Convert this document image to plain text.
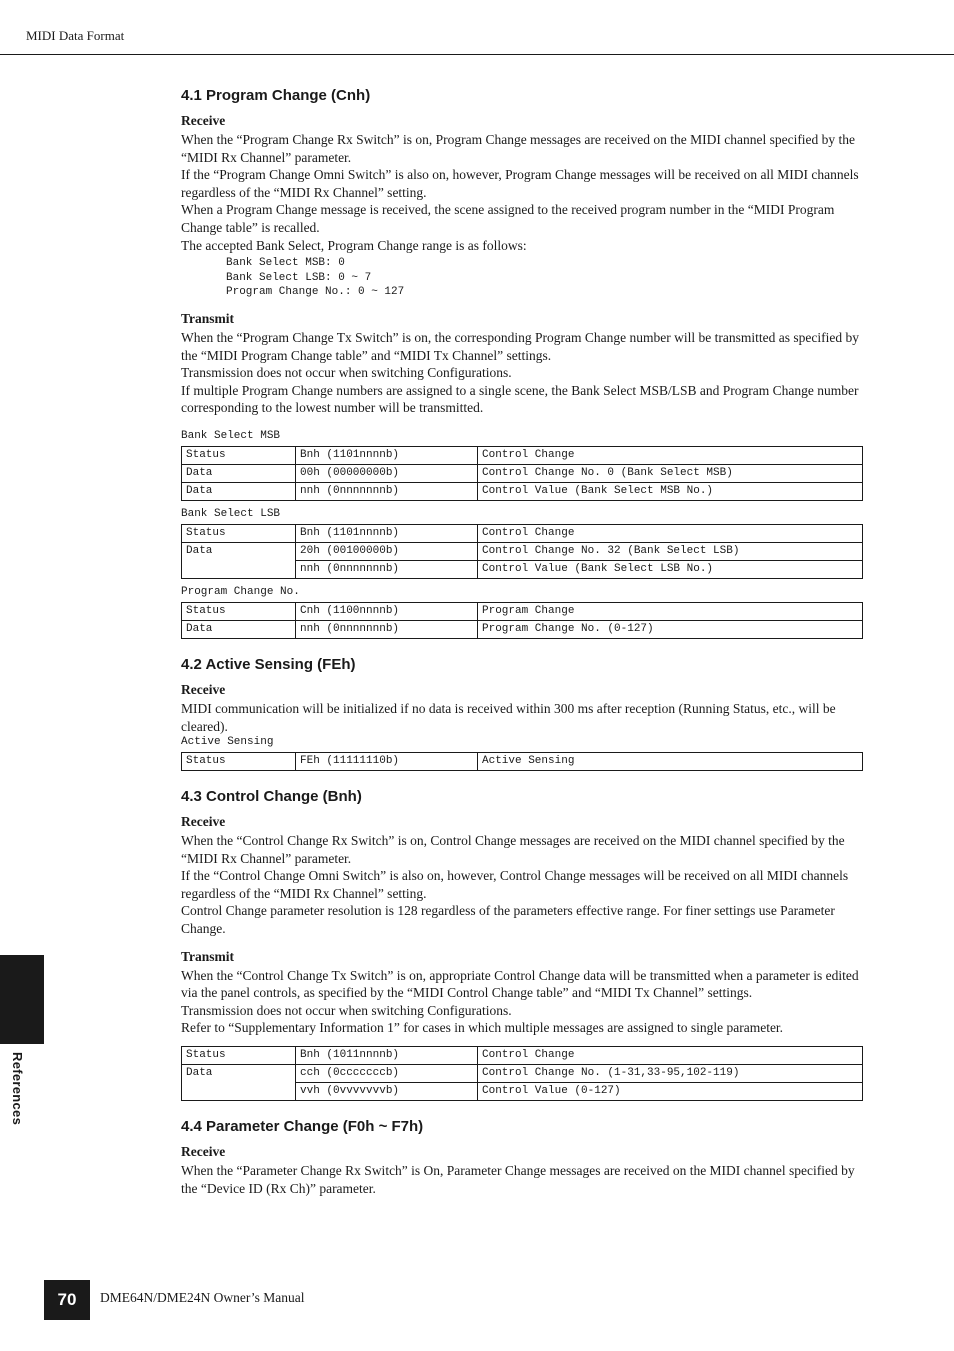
MIDI Data Format
References
4.1 Program Change (Cnh)
Receive

When the “Program Change Rx Switch” is on, Program Change messages are received on the MIDI channel specified by the “MIDI Rx Channel” parameter.

If the “Program Change Omni Switch” is also on, however, Program Change messages will be received on all MIDI channels regardless of the “MIDI Rx Channel” setting.

When a Program Change message is received, the scene assigned to the received program number in the “MIDI Program Change table” is recalled.

The accepted Bank Select, Program Change range is as follows:

Bank Select MSB: 0
Bank Select LSB: 0 ~ 7
Program Change No.: 0 ~ 127
Transmit

When the “Program Change Tx Switch” is on, the corresponding Program Change number will be transmitted as specified by the “MIDI Program Change table” and “MIDI Tx Channel” settings.

Transmission does not occur when switching Configurations.

If multiple Program Change numbers are assigned to a single scene, the Bank Select MSB/LSB and Program Change number corresponding to the lowest number will be transmitted.

Bank Select MSB
Status	Bnh (1101nnnnb)	Control Change
Data	00h (00000000b)	Control Change No. 0 (Bank Select MSB)
Data	nnh (0nnnnnnnb)	Control Value (Bank Select MSB No.)
Bank Select LSB
Status	Bnh (1101nnnnb)	Control Change
Data	20h (00100000b)	Control Change No. 32 (Bank Select LSB)
	nnh (0nnnnnnnb)	Control Value (Bank Select LSB No.)
Program Change No.
Status	Cnh (1100nnnnb)	Program Change
Data	nnh (0nnnnnnnb)	Program Change No. (0-127)
4.2 Active Sensing (FEh)
Receive

MIDI communication will be initialized if no data is received within 300 ms after reception (Running Status, etc., will be cleared).

Active Sensing
Status	FEh (11111110b)	Active Sensing
4.3 Control Change (Bnh)
Receive

When the “Control Change Rx Switch” is on, Control Change messages are received on the MIDI channel specified by the “MIDI Rx Channel” parameter.

If the “Control Change Omni Switch” is also on, however, Control Change messages will be received on all MIDI channels regardless of the “MIDI Rx Channel” setting.

Control Change parameter resolution is 128 regardless of the parameters effective range. For finer settings use Parameter Change.

Transmit

When the “Control Change Tx Switch” is on, appropriate Control Change data will be transmitted when a parameter is edited via the panel controls, as specified by the “MIDI Control Change table” and “MIDI Tx Channel” settings.

Transmission does not occur when switching Configurations.

Refer to “Supplementary Information 1” for cases in which multiple messages are assigned to single parameter.

Status	Bnh (1011nnnnb)	Control Change
Data	cch (0cccccccb)	Control Change No. (1-31,33-95,102-119)
	vvh (0vvvvvvvb)	Control Value (0-127)
4.4 Parameter Change (F0h ~ F7h)
Receive

When the “Parameter Change Rx Switch” is On, Parameter Change messages are received on the MIDI channel specified by the “Device ID (Rx Ch)” parameter.

70	DME64N/DME24N Owner’s Manual
